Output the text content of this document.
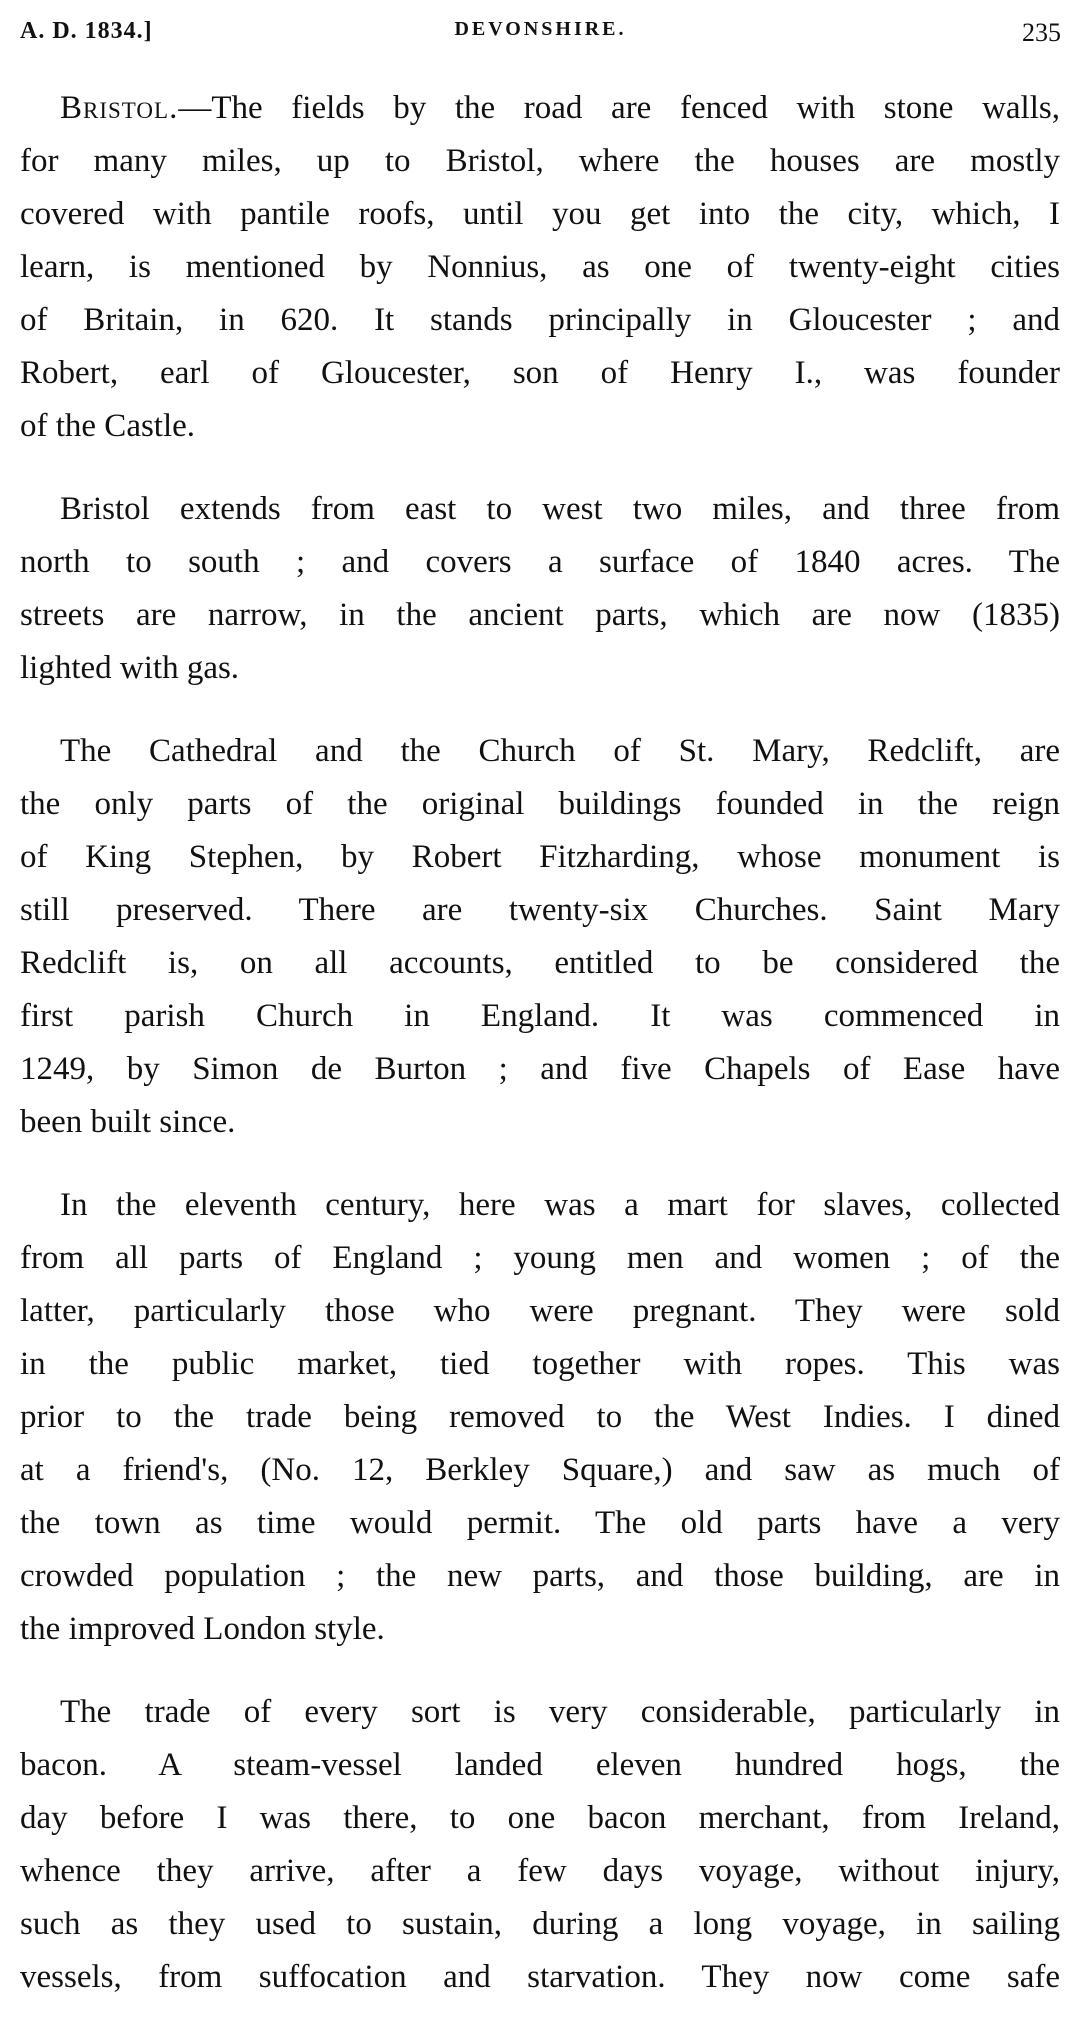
A. D. 1834.]	DEVONSHIRE.	235
Bristol.—The fields by the road are fenced with stone walls,
for many miles, up to Bristol, where the houses are mostly
covered with pantile roofs, until you get into the city, which, I
learn, is mentioned by Nonnius, as one of twenty-eight cities
of Britain, in 620. It stands principally in Gloucester ; and
Robert, earl of Gloucester, son of Henry I., was founder
of the Castle.
Bristol extends from east to west two miles, and three from
north to south ; and covers a surface of 1840 acres. The
streets are narrow, in the ancient parts, which are now (1835)
lighted with gas.
The Cathedral and the Church of St. Mary, Redclift, are
the only parts of the original buildings founded in the reign
of King Stephen, by Robert Fitzharding, whose monument is
still preserved. There are twenty-six Churches. Saint Mary
Redclift is, on all accounts, entitled to be considered the
first parish Church in England. It was commenced in
1249, by Simon de Burton ; and five Chapels of Ease have
been built since.
In the eleventh century, here was a mart for slaves, collected
from all parts of England ; young men and women ; of the
latter, particularly those who were pregnant. They were sold
in the public market, tied together with ropes. This was
prior to the trade being removed to the West Indies. I dined
at a friend's, (No. 12, Berkley Square,) and saw as much of
the town as time would permit. The old parts have a very
crowded population ; the new parts, and those building, are in
the improved London style.
The trade of every sort is very considerable, particularly in
bacon. A steam-vessel landed eleven hundred hogs, the
day before I was there, to one bacon merchant, from Ireland,
whence they arrive, after a few days voyage, without injury,
such as they used to sustain, during a long voyage, in sailing
vessels, from suffocation and starvation. They now come safe
